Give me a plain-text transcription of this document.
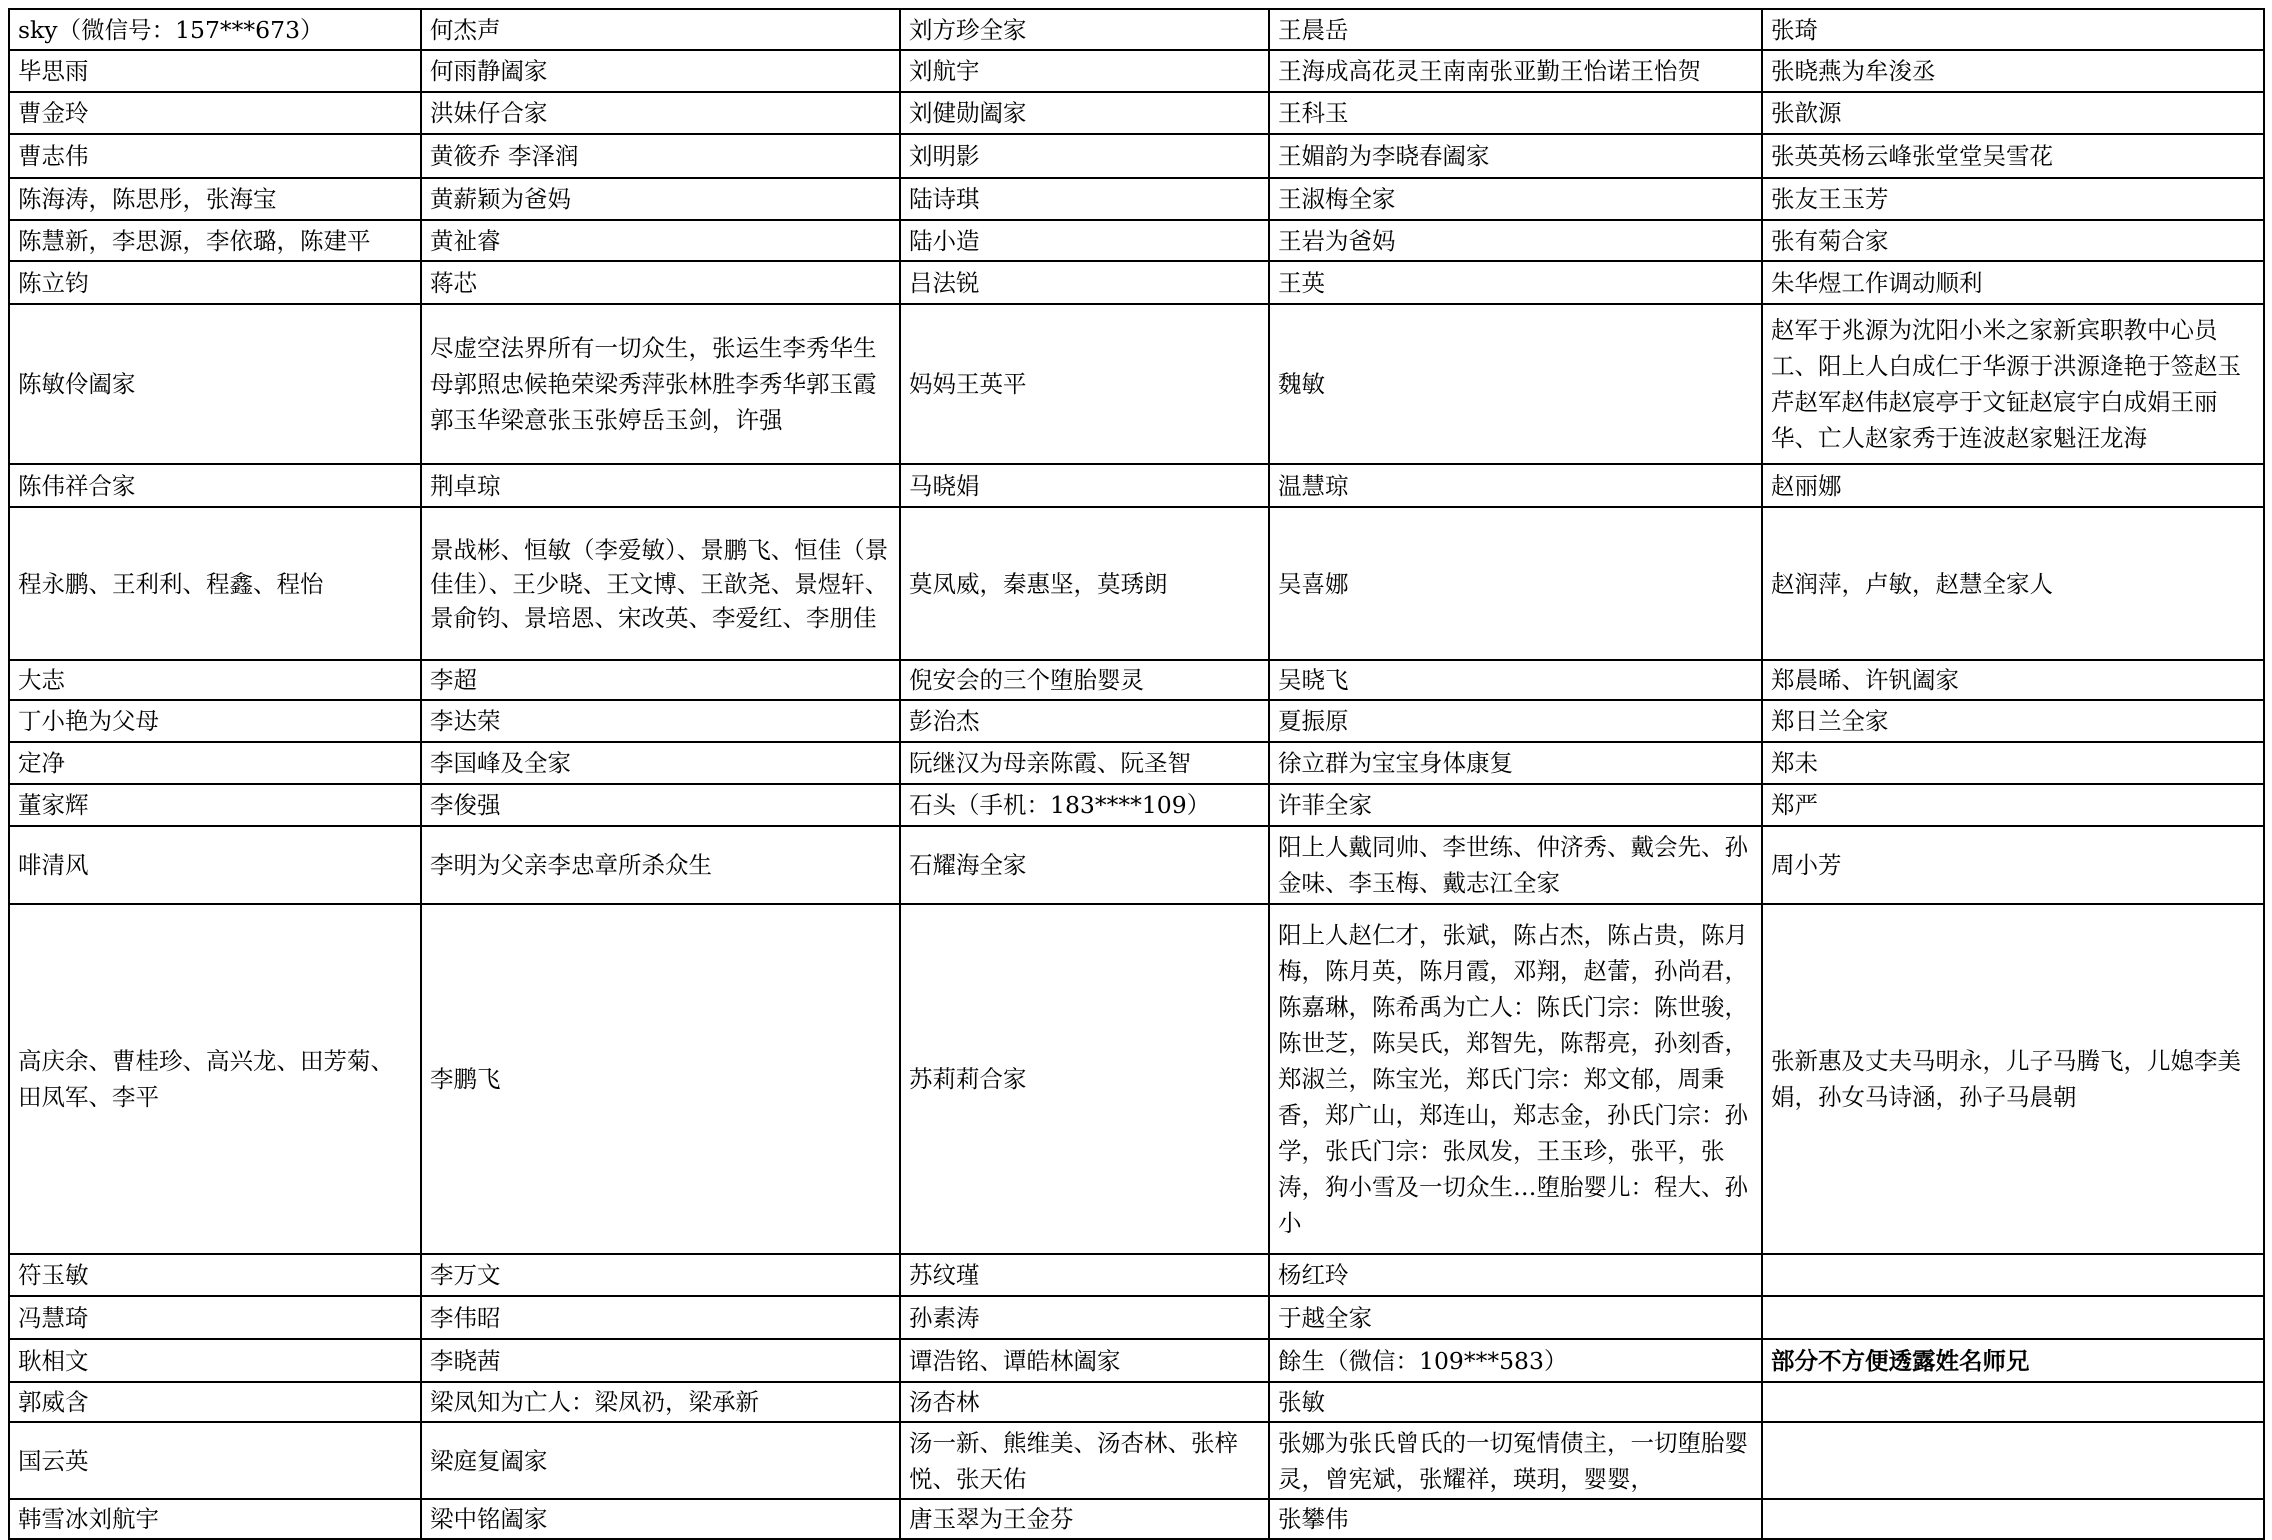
sky（微信号：157***673）	何杰声	刘方珍全家	王晨岳	张琦
毕思雨	何雨静阖家	刘航宇	王海成高花灵王南南张亚勤王怡诺王怡贺	张晓燕为牟浚丞
曹金玲	洪妹仔合家	刘健勋阖家	王科玉	张歆源
曹志伟	黄筱乔 李泽润	刘明影	王媚韵为李晓春阖家	张英英杨云峰张堂堂吴雪花
陈海涛，陈思彤，张海宝	黄薪颖为爸妈	陆诗琪	王淑梅全家	张友王玉芳
陈慧新，李思源，李依璐，陈建平	黄祉睿	陆小造	王岩为爸妈	张有菊合家
陈立钧	蒋芯	吕法锐	王英	朱华煜工作调动顺利
陈敏伶阖家	尽虚空法界所有一切众生，张运生李秀华生母郭照忠候艳荣梁秀萍张林胜李秀华郭玉霞郭玉华梁意张玉张婷岳玉剑，许强	妈妈王英平	魏敏	赵军于兆源为沈阳小米之家新宾职教中心员工、阳上人白成仁于华源于洪源逄艳于签赵玉芹赵军赵伟赵宸亭于文钲赵宸宇白成娟王丽华、亡人赵家秀于连波赵家魁汪龙海
陈伟祥合家	荆卓琼	马晓娟	温慧琼	赵丽娜
程永鹏、王利利、程鑫、程怡	景战彬、恒敏（李爱敏）、景鹏飞、恒佳（景佳佳）、王少晓、王文博、王歆尧、景煜轩、景俞钧、景培恩、宋改英、李爱红、李朋佳	莫凤威，秦惠坚，莫琇朗	吴喜娜	赵润萍，卢敏，赵慧全家人
大志	李超	倪安会的三个堕胎婴灵	吴晓飞	郑晨晞、许钒阖家
丁小艳为父母	李达荣	彭治杰	夏振原	郑日兰全家
定净	李国峰及全家	阮继汉为母亲陈霞、阮圣智	徐立群为宝宝身体康复	郑未
董家辉	李俊强	石头（手机：183****109）	许菲全家	郑严
啡清风	李明为父亲李忠章所杀众生	石耀海全家	阳上人戴同帅、李世练、仲济秀、戴会先、孙金味、李玉梅、戴志江全家	周小芳
高庆余、曹桂珍、高兴龙、田芳菊、田凤军、李平	李鹏飞	苏莉莉合家	阳上人赵仁才，张斌，陈占杰，陈占贵，陈月梅，陈月英，陈月霞，邓翔，赵蕾，孙尚君，陈嘉琳，陈希禹为亡人：陈氏门宗：陈世骏，陈世芝，陈吴氏，郑智先，陈帮亮，孙刻香，郑淑兰，陈宝光，郑氏门宗：郑文郁，周秉香，郑广山，郑连山，郑志金，孙氏门宗：孙学，张氏门宗：张凤发，王玉珍，张平，张涛，狗小雪及一切众生…堕胎婴儿：程大、孙小	张新惠及丈夫马明永，儿子马腾飞，儿媳李美娟，孙女马诗涵，孙子马晨朝
符玉敏	李万文	苏纹瑾	杨红玲	
冯慧琦	李伟昭	孙素涛	于越全家	
耿相文	李晓茜	谭浩铭、谭皓林阖家	餘生（微信：109***583）	部分不方便透露姓名师兄
郭威含	梁凤知为亡人：梁凤礽，梁承新	汤杏林	张敏	
国云英	梁庭复阖家	汤一新、熊维美、汤杏林、张梓悦、张天佑	张娜为张氏曾氏的一切冤情债主，一切堕胎婴灵，曾宪斌，张耀祥，瑛玥，婴婴，	
韩雪冰刘航宇	梁中铭阖家	唐玉翠为王金芬	张攀伟	
